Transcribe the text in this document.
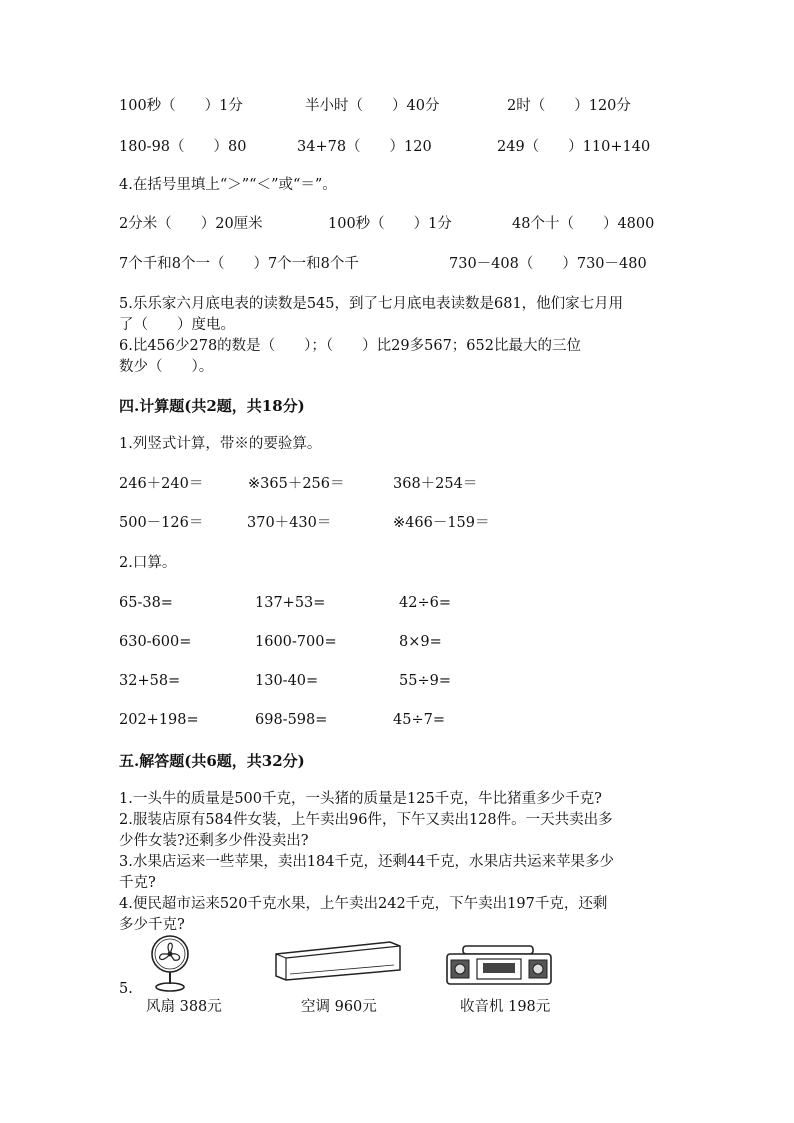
100秒（　　）1分	半小时（　　）40分	2时（　　）120分
180-98（　　）80	34+78（　　）120	249（　　）110+140
4.在括号里填上“＞”“＜”或“＝”。
2分米（　　）20厘米	100秒（　　）1分	48个十（　　）4800
7个千和8个一（　　）7个一和8个千	730－408（　　）730－480
5.乐乐家六月底电表的读数是545，到了七月底电表读数是681，他们家七月用
了（　　）度电。
6.比456少278的数是（　　）；（　　）比29多567；652比最大的三位
数少（　　）。
四.计算题(共2题，共18分)
1.列竖式计算，带※的要验算。
246＋240＝	※365＋256＝	368＋254＝
500－126＝	370＋430＝	※466－159＝
2.口算。
65-38=	137+53=	42÷6=
630-600=	1600-700=	8×9=
32+58=	130-40=	55÷9=
202+198=	698-598=	45÷7=
五.解答题(共6题，共32分)
1.一头牛的质量是500千克，一头猪的质量是125千克，牛比猪重多少千克?
2.服装店原有584件女装，上午卖出96件，下午又卖出128件。一天共卖出多
少件女装?还剩多少件没卖出?
3.水果店运来一些苹果，卖出184千克，还剩44千克，水果店共运来苹果多少
千克?
4.便民超市运来520千克水果，上午卖出242千克，下午卖出197千克，还剩
多少千克?
5.
风扇 388元	空调 960元	收音机 198元
